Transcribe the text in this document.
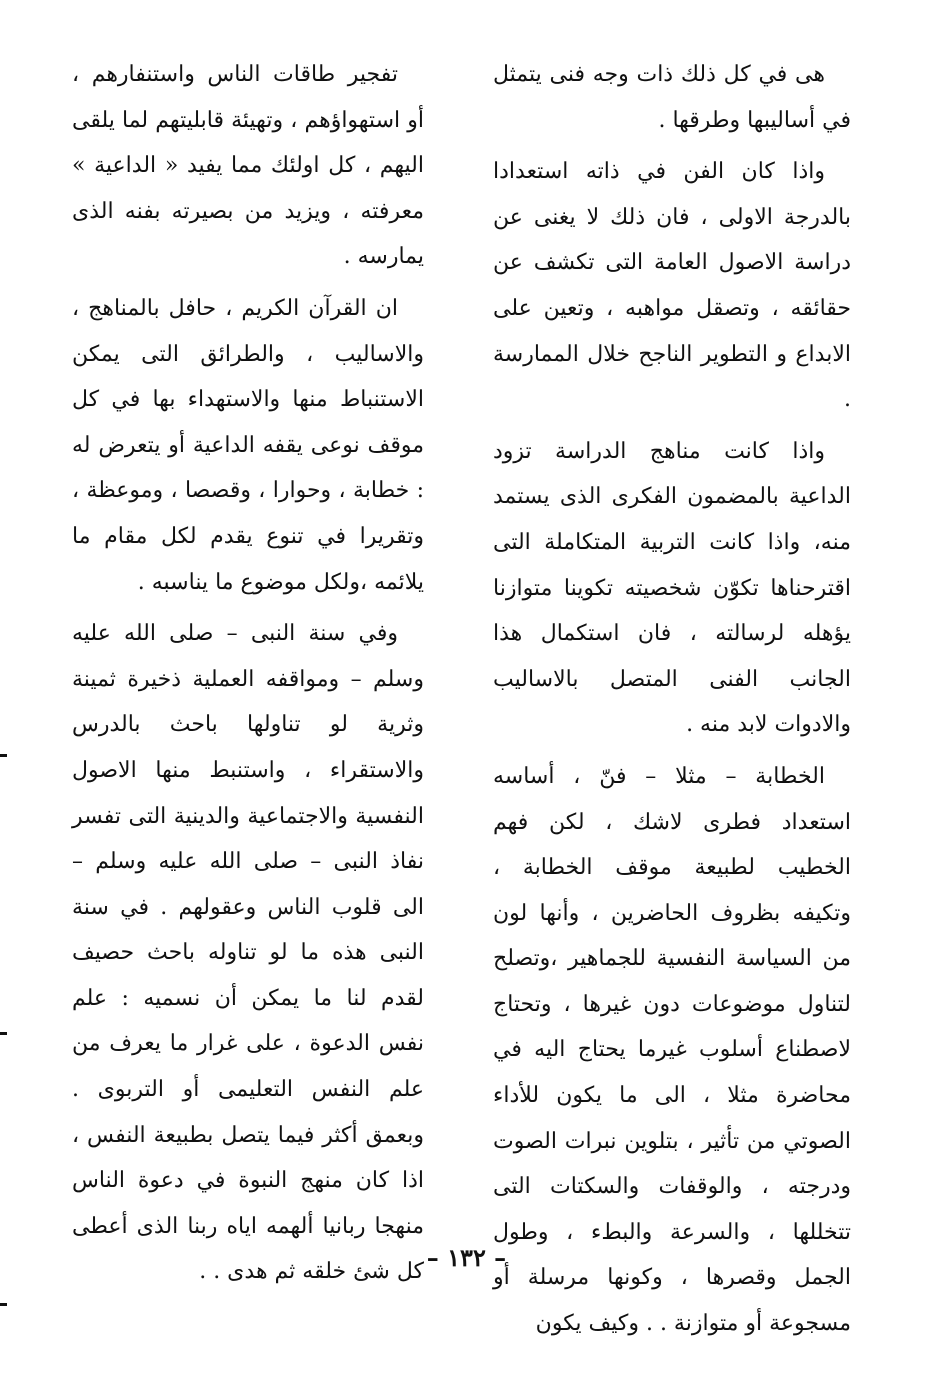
هى في كل ذلك ذات وجه فنى يتمثل في أساليبها وطرقها .

واذا كان الفن في ذاته استعدادا بالدرجة الاولى ، فان ذلك لا يغنى عن دراسة الاصول العامة التى تكشف عن حقائقه ، وتصقل مواهبه ، وتعين على الابداع و التطوير الناجح خلال الممارسة .

واذا كانت مناهج الدراسة تزود الداعية بالمضمون الفكرى الذى يستمد منه، واذا كانت التربية المتكاملة التى اقترحناها تكوّن شخصيته تكوينا متوازنا يؤهله لرسالته ، فان استكمال هذا الجانب الفنى المتصل بالاساليب والادوات لابد منه .

الخطابة – مثلا – فنّ ، أساسه استعداد فطرى لاشك ، لكن فهم الخطيب لطبيعة موقف الخطابة ، وتكيفه بظروف الحاضرين ، وأنها لون من السياسة النفسية للجماهير ،وتصلح لتناول موضوعات دون غيرها ، وتحتاج لاصطناع أسلوب غيرما يحتاج اليه في محاضرة مثلا ، الى ما يكون للأداء الصوتي من تأثير ، بتلوين نبرات الصوت ودرجته ، والوقفات والسكتات التى تتخللها ، والسرعة والبطء ، وطول الجمل وقصرها ، وكونها مرسلة أو مسجوعة أو متوازنة . . وكيف يكون

تفجير طاقات الناس واستنفارهم ، أو استهواؤهم ، وتهيئة قابليتهم لما يلقى اليهم ، كل اولئك مما يفيد « الداعية » معرفته ، ويزيد من بصيرته بفنه الذى يمارسه .

ان القرآن الكريم ، حافل بالمناهج ، والاساليب ، والطرائق التى يمكن الاستنباط منها والاستهداء بها في كل موقف نوعى يقفه الداعية أو يتعرض له : خطابة ، وحوارا ، وقصصا ، وموعظة ، وتقريرا في تنوع يقدم لكل مقام ما يلائمه ،ولكل موضوع ما يناسبه .

وفي سنة النبى – صلى الله عليه وسلم – ومواقفه العملية ذخيرة ثمينة وثرية لو تناولها باحث بالدرس والاستقراء ، واستنبط منها الاصول النفسية والاجتماعية والدينية التى تفسر نفاذ النبى – صلى الله عليه وسلم – الى قلوب الناس وعقولهم . في سنة النبى هذه ما لو تناوله باحث حصيف لقدم لنا ما يمكن أن نسميه : علم نفس الدعوة ، على غرار ما يعرف من علم النفس التعليمى أو التربوى . وبعمق أكثر فيما يتصل بطبيعة النفس ، اذا كان منهج النبوة في دعوة الناس منهجا ربانيا ألهمه اياه ربنا الذى أعطى كل شئ خلقه ثم هدى . . – ١٣٢ –
